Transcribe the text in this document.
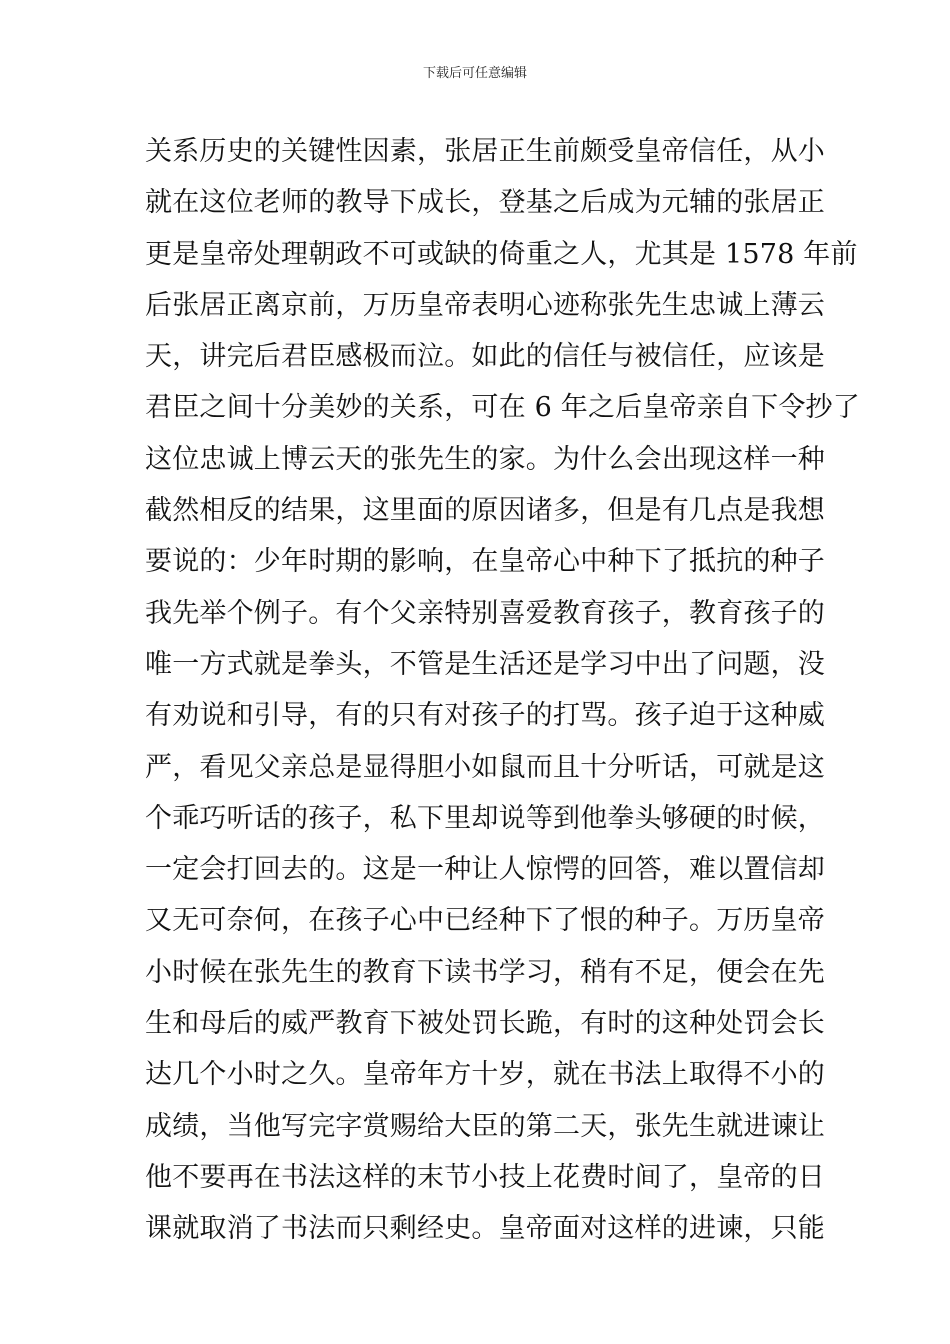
下载后可任意编辑
关系历史的关键性因素，张居正生前颇受皇帝信任，从小
就在这位老师的教导下成长，登基之后成为元辅的张居正
更是皇帝处理朝政不可或缺的倚重之人，尤其是 1578 年前
后张居正离京前，万历皇帝表明心迹称张先生忠诚上薄云
天，讲完后君臣感极而泣。如此的信任与被信任，应该是
君臣之间十分美妙的关系，可在 6 年之后皇帝亲自下令抄了
这位忠诚上博云天的张先生的家。为什么会出现这样一种
截然相反的结果，这里面的原因诸多，但是有几点是我想
要说的：少年时期的影响，在皇帝心中种下了抵抗的种子
我先举个例子。有个父亲特别喜爱教育孩子，教育孩子的
唯一方式就是拳头，不管是生活还是学习中出了问题，没
有劝说和引导，有的只有对孩子的打骂。孩子迫于这种威
严，看见父亲总是显得胆小如鼠而且十分听话，可就是这
个乖巧听话的孩子，私下里却说等到他拳头够硬的时候，
一定会打回去的。这是一种让人惊愕的回答，难以置信却
又无可奈何，在孩子心中已经种下了恨的种子。万历皇帝
小时候在张先生的教育下读书学习，稍有不足，便会在先
生和母后的威严教育下被处罚长跪，有时的这种处罚会长
达几个小时之久。皇帝年方十岁，就在书法上取得不小的
成绩，当他写完字赏赐给大臣的第二天，张先生就进谏让
他不要再在书法这样的末节小技上花费时间了，皇帝的日
课就取消了书法而只剩经史。皇帝面对这样的进谏，只能
